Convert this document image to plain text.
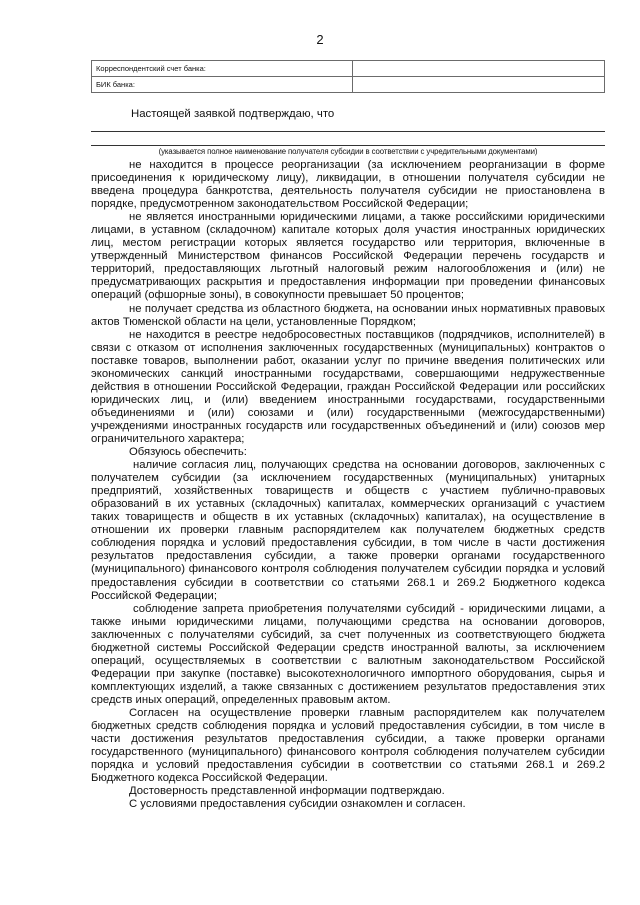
2
Корреспондентский счет банка:	
БИК банка:	
Настоящей заявкой подтверждаю, что
(указывается полное наименование получателя субсидии в соответствии с учредительными документами)

не находится в процессе реорганизации (за исключением реорганизации в форме присоединения к юридическому лицу), ликвидации, в отношении получателя субсидии не введена процедура банкротства, деятельность получателя субсидии не приостановлена в порядке, предусмотренном законодательством Российской Федерации;

не является иностранными юридическими лицами, а также российскими юридическими лицами, в уставном (складочном) капитале которых доля участия иностранных юридических лиц, местом регистрации которых является государство или территория, включенные в утвержденный Министерством финансов Российской Федерации перечень государств и территорий, предоставляющих льготный налоговый режим налогообложения и (или) не предусматривающих раскрытия и предоставления информации при проведении финансовых операций (офшорные зоны), в совокупности превышает 50 процентов;

не получает средства из областного бюджета, на основании иных нормативных правовых актов Тюменской области на цели, установленные Порядком;

не находится в реестре недобросовестных поставщиков (подрядчиков, исполнителей) в связи с отказом от исполнения заключенных государственных (муниципальных) контрактов о поставке товаров, выполнении работ, оказании услуг по причине введения политических или экономических санкций иностранными государствами, совершающими недружественные действия в отношении Российской Федерации, граждан Российской Федерации или российских юридических лиц, и (или) введением иностранными государствами, государственными объединениями и (или) союзами и (или) государственными (межгосударственными) учреждениями иностранных государств или государственных объединений и (или) союзов мер ограничительного характера;

Обязуюсь обеспечить:

наличие согласия лиц, получающих средства на основании договоров, заключенных с получателем субсидии (за исключением государственных (муниципальных) унитарных предприятий, хозяйственных товариществ и обществ с участием публично-правовых образований в их уставных (складочных) капиталах, коммерческих организаций с участием таких товариществ и обществ в их уставных (складочных) капиталах), на осуществление в отношении их проверки главным распорядителем как получателем бюджетных средств соблюдения порядка и условий предоставления субсидии, в том числе в части достижения результатов предоставления субсидии, а также проверки органами государственного (муниципального) финансового контроля соблюдения получателем субсидии порядка и условий предоставления субсидии в соответствии со статьями 268.1 и 269.2 Бюджетного кодекса Российской Федерации;

соблюдение запрета приобретения получателями субсидий - юридическими лицами, а также иными юридическими лицами, получающими средства на основании договоров, заключенных с получателями субсидий, за счет полученных из соответствующего бюджета бюджетной системы Российской Федерации средств иностранной валюты, за исключением операций, осуществляемых в соответствии с валютным законодательством Российской Федерации при закупке (поставке) высокотехнологичного импортного оборудования, сырья и комплектующих изделий, а также связанных с достижением результатов предоставления этих средств иных операций, определенных правовым актом.

Согласен на осуществление проверки главным распорядителем как получателем бюджетных средств соблюдения порядка и условий предоставления субсидии, в том числе в части достижения результатов предоставления субсидии, а также проверки органами государственного (муниципального) финансового контроля соблюдения получателем субсидии порядка и условий предоставления субсидии в соответствии со статьями 268.1 и 269.2 Бюджетного кодекса Российской Федерации.

Достоверность представленной информации подтверждаю.

С условиями предоставления субсидии ознакомлен и согласен.
